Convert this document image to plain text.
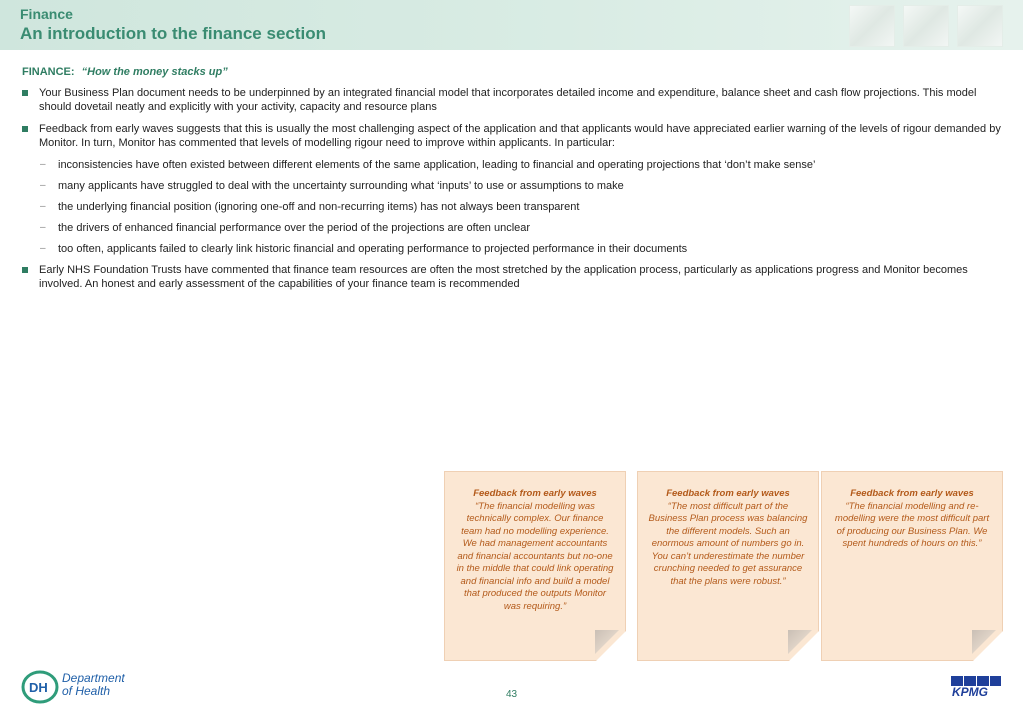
Finance
An introduction to the finance section
FINANCE: “How the money stacks up”
Your Business Plan document needs to be underpinned by an integrated financial model that incorporates detailed income and expenditure, balance sheet and cash flow projections. This model should dovetail neatly and explicitly with your activity, capacity and resource plans
Feedback from early waves suggests that this is usually the most challenging aspect of the application and that applicants would have appreciated earlier warning of the levels of rigour demanded by Monitor. In turn, Monitor has commented that levels of modelling rigour need to improve within applicants. In particular:
– inconsistencies have often existed between different elements of the same application, leading to financial and operating projections that ‘don’t make sense’
– many applicants have struggled to deal with the uncertainty surrounding what ‘inputs’ to use or assumptions to make
– the underlying financial position (ignoring one-off and non-recurring items) has not always been transparent
– the drivers of enhanced financial performance over the period of the projections are often unclear
– too often, applicants failed to clearly link historic financial and operating performance to projected performance in their documents
Early NHS Foundation Trusts have commented that finance team resources are often the most stretched by the application process, particularly as applications progress and Monitor becomes involved. An honest and early assessment of the capabilities of your finance team is recommended
Feedback from early waves
“The financial modelling was technically complex. Our finance team had no modelling experience. We had management accountants and financial accountants but no-one in the middle that could link operating and financial info and build a model that produced the outputs Monitor was requiring.”
Feedback from early waves
“The most difficult part of the Business Plan process was balancing the different models. Such an enormous amount of numbers go in. You can’t underestimate the number crunching needed to get assurance that the plans were robust.”
Feedback from early waves
“The financial modelling and re-modelling were the most difficult part of producing our Business Plan. We spent hundreds of hours on this.”
DH
Department
of Health	43	KPMG
